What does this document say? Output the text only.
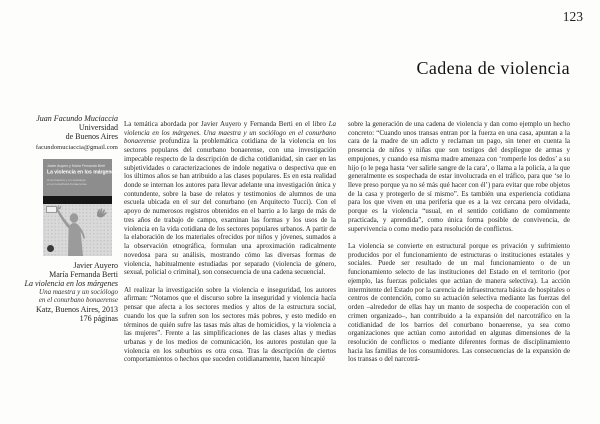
123
Cadena de violencia
Juan Facundo Muciaccia
Universidad
de Buenos Aires
facundomuciaccia@gmail.com
Javier Auyero y María Fernanda Berti
La violencia en los márgenes
Una maestra y un sociólogo
en el conurbano bonaerense
Javier Auyero
María Fernanda Berti
La violencia en los márgenes
Una maestra y un sociólogo
en el conurbano bonaerense
Katz, Buenos Aires, 2013
176 páginas

La temática abordada por Javier Auyero y Fernanda Berti en el libro La violencia en los márgenes. Una maestra y un sociólogo en el conurbano bonaerense profundiza la problemática cotidiana de la violencia en los sectores populares del conurbano bonaerense, con una investigación impecable respecto de la descripción de dicha cotidianidad, sin caer en las subjetividades o caracterizaciones de índole negativa o despectiva que en los últimos años se han atribuido a las clases populares. Es en esta realidad donde se internan los autores para llevar adelante una investigación única y contundente, sobre la base de relatos y testimonios de alumnos de una escuela ubicada en el sur del conurbano (en Arquitecto Tucci). Con el apoyo de numerosos registros obtenidos en el barrio a lo largo de más de tres años de trabajo de campo, examinan las formas y los usos de la violencia en la vida cotidiana de los sectores populares urbanos. A partir de la elaboración de los materiales ofrecidos por niños y jóvenes, sumados a la observación etnográfica, formulan una aproximación radicalmente novedosa para su análisis, mostrando cómo las diversas formas de violencia, habitualmente estudiadas por separado (violencia de género, sexual, policial o criminal), son consecuencia de una cadena secuencial.

Al realizar la investigación sobre la violencia e inseguridad, los autores afirman: “Notamos que el discurso sobre la inseguridad y violencia hacía pensar que afecta a los sectores medios y altos de la estructura social, cuando los que la sufren son los sectores más pobres, y esto medido en términos de quién sufre las tasas más altas de homicidios, y la violencia a las mujeres”. Frente a las simplificaciones de las clases altas y medias urbanas y de los medios de comunicación, los autores postulan que la violencia en los suburbios es otra cosa. Tras la descripción de ciertos comportamientos o hechos que suceden cotidianamente, hacen hincapié

sobre la generación de una cadena de violencia y dan como ejemplo un hecho concreto: “Cuando unos transas entran por la fuerza en una casa, apuntan a la cara de la madre de un adicto y reclaman un pago, sin tener en cuenta la presencia de niños y niñas que son testigos del despliegue de armas y empujones, y cuando esa misma madre amenaza con ‘romperle los dedos’ a su hijo (o le pega hasta ‘ver salirle sangre de la cara’, o llama a la policía, a la que generalmente es sospechada de estar involucrada en el tráfico, para que ‘se lo lleve preso porque ya no sé más qué hacer con él’) para evitar que robe objetos de la casa y protegerlo de sí mismo”. Es también una experiencia cotidiana para los que viven en una periferia que es a la vez cercana pero olvidada, porque es la violencia “usual, en el sentido cotidiano de comúnmente practicada, y aprendida”, como única forma posible de convivencia, de supervivencia o como medio para resolución de conflictos.

La violencia se convierte en estructural porque es privación y sufrimiento producidos por el funcionamiento de estructuras o instituciones estatales y sociales. Puede ser resultado de un mal funcionamiento o de un funcionamiento selecto de las instituciones del Estado en el territorio (por ejemplo, las fuerzas policiales que actúan de manera selectiva). La acción intermitente del Estado por la carencia de infraestructura básica de hospitales o centros de contención, como su actuación selectiva mediante las fuerzas del orden –alrededor de ellas hay un manto de sospecha de cooperación con el crimen organizado–, han contribuido a la expansión del narcotráfico en la cotidianidad de los barrios del conurbano bonaerense, ya sea como organizaciones que actúan como autoridad en algunas dimensiones de la resolución de conflictos o mediante diferentes formas de disciplinamiento hacia las familias de los consumidores. Las consecuencias de la expansión de los transas o del narcotrá-
